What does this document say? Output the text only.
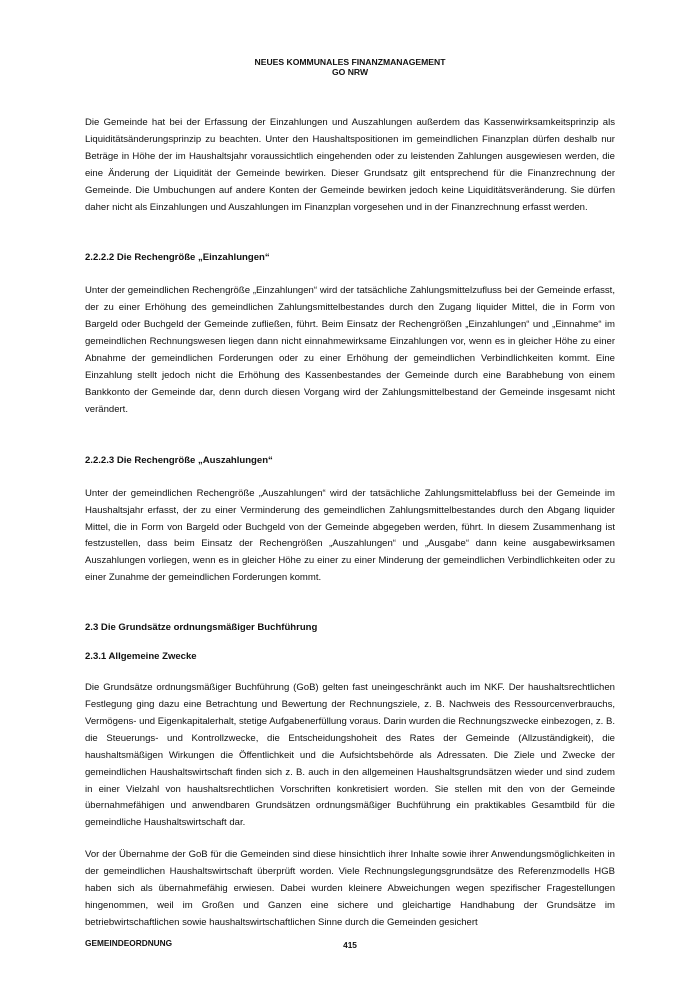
NEUES KOMMUNALES FINANZMANAGEMENT
GO NRW

Die Gemeinde hat bei der Erfassung der Einzahlungen und Auszahlungen außerdem das Kassenwirksamkeitsprinzip als Liquiditätsänderungsprinzip zu beachten. Unter den Haushaltspositionen im gemeindlichen Finanzplan dürfen deshalb nur Beträge in Höhe der im Haushaltsjahr voraussichtlich eingehenden oder zu leistenden Zahlungen ausgewiesen werden, die eine Änderung der Liquidität der Gemeinde bewirken. Dieser Grundsatz gilt entsprechend für die Finanzrechnung der Gemeinde. Die Umbuchungen auf andere Konten der Gemeinde bewirken jedoch keine Liquiditätsveränderung. Sie dürfen daher nicht als Einzahlungen und Auszahlungen im Finanzplan vorgesehen und in der Finanzrechnung erfasst werden.

2.2.2.2 Die Rechengröße „Einzahlungen“

Unter der gemeindlichen Rechengröße „Einzahlungen“ wird der tatsächliche Zahlungsmittelzufluss bei der Gemeinde erfasst, der zu einer Erhöhung des gemeindlichen Zahlungsmittelbestandes durch den Zugang liquider Mittel, die in Form von Bargeld oder Buchgeld der Gemeinde zufließen, führt. Beim Einsatz der Rechengrößen „Einzahlungen“ und „Einnahme“ im gemeindlichen Rechnungswesen liegen dann nicht einnahmewirksame Einzahlungen vor, wenn es in gleicher Höhe zu einer Abnahme der gemeindlichen Forderungen oder zu einer Erhöhung der gemeindlichen Verbindlichkeiten kommt. Eine Einzahlung stellt jedoch nicht die Erhöhung des Kassenbestandes der Gemeinde durch eine Barabhebung von einem Bankkonto der Gemeinde dar, denn durch diesen Vorgang wird der Zahlungsmittelbestand der Gemeinde insgesamt nicht verändert.

2.2.2.3 Die Rechengröße „Auszahlungen“

Unter der gemeindlichen Rechengröße „Auszahlungen“ wird der tatsächliche Zahlungsmittelabfluss bei der Gemeinde im Haushaltsjahr erfasst, der zu einer Verminderung des gemeindlichen Zahlungsmittelbestandes durch den Abgang liquider Mittel, die in Form von Bargeld oder Buchgeld von der Gemeinde abgegeben werden, führt. In diesem Zusammenhang ist festzustellen, dass beim Einsatz der Rechengrößen „Auszahlungen“ und „Ausgabe“ dann keine ausgabewirksamen Auszahlungen vorliegen, wenn es in gleicher Höhe zu einer zu einer Minderung der gemeindlichen Verbindlichkeiten oder zu einer Zunahme der gemeindlichen Forderungen kommt.

2.3 Die Grundsätze ordnungsmäßiger Buchführung
2.3.1 Allgemeine Zwecke

Die Grundsätze ordnungsmäßiger Buchführung (GoB) gelten fast uneingeschränkt auch im NKF. Der haushaltsrechtlichen Festlegung ging dazu eine Betrachtung und Bewertung der Rechnungsziele, z. B. Nachweis des Ressourcenverbrauchs, Vermögens- und Eigenkapitalerhalt, stetige Aufgabenerfüllung voraus. Darin wurden die Rechnungszwecke einbezogen, z. B. die Steuerungs- und Kontrollzwecke, die Entscheidungshoheit des Rates der Gemeinde (Allzuständigkeit), die haushaltsmäßigen Wirkungen die Öffentlichkeit und die Aufsichtsbehörde als Adressaten. Die Ziele und Zwecke der gemeindlichen Haushaltswirtschaft finden sich z. B. auch in den allgemeinen Haushaltsgrundsätzen wieder und sind zudem in einer Vielzahl von haushaltsrechtlichen Vorschriften konkretisiert worden. Sie stellen mit den von der Gemeinde übernahmefähigen und anwendbaren Grundsätzen ordnungsmäßiger Buchführung ein praktikables Gesamtbild für die gemeindliche Haushaltswirtschaft dar.

Vor der Übernahme der GoB für die Gemeinden sind diese hinsichtlich ihrer Inhalte sowie ihrer Anwendungsmöglichkeiten in der gemeindlichen Haushaltswirtschaft überprüft worden. Viele Rechnungslegungsgrundsätze des Referenzmodells HGB haben sich als übernahmefähig erwiesen. Dabei wurden kleinere Abweichungen wegen spezifischer Fragestellungen hingenommen, weil im Großen und Ganzen eine sichere und gleichartige Handhabung der Grundsätze im betriebwirtschaftlichen sowie haushaltswirtschaftlichen Sinne durch die Gemeinden gesichert

GEMEINDEORDNUNG	415
